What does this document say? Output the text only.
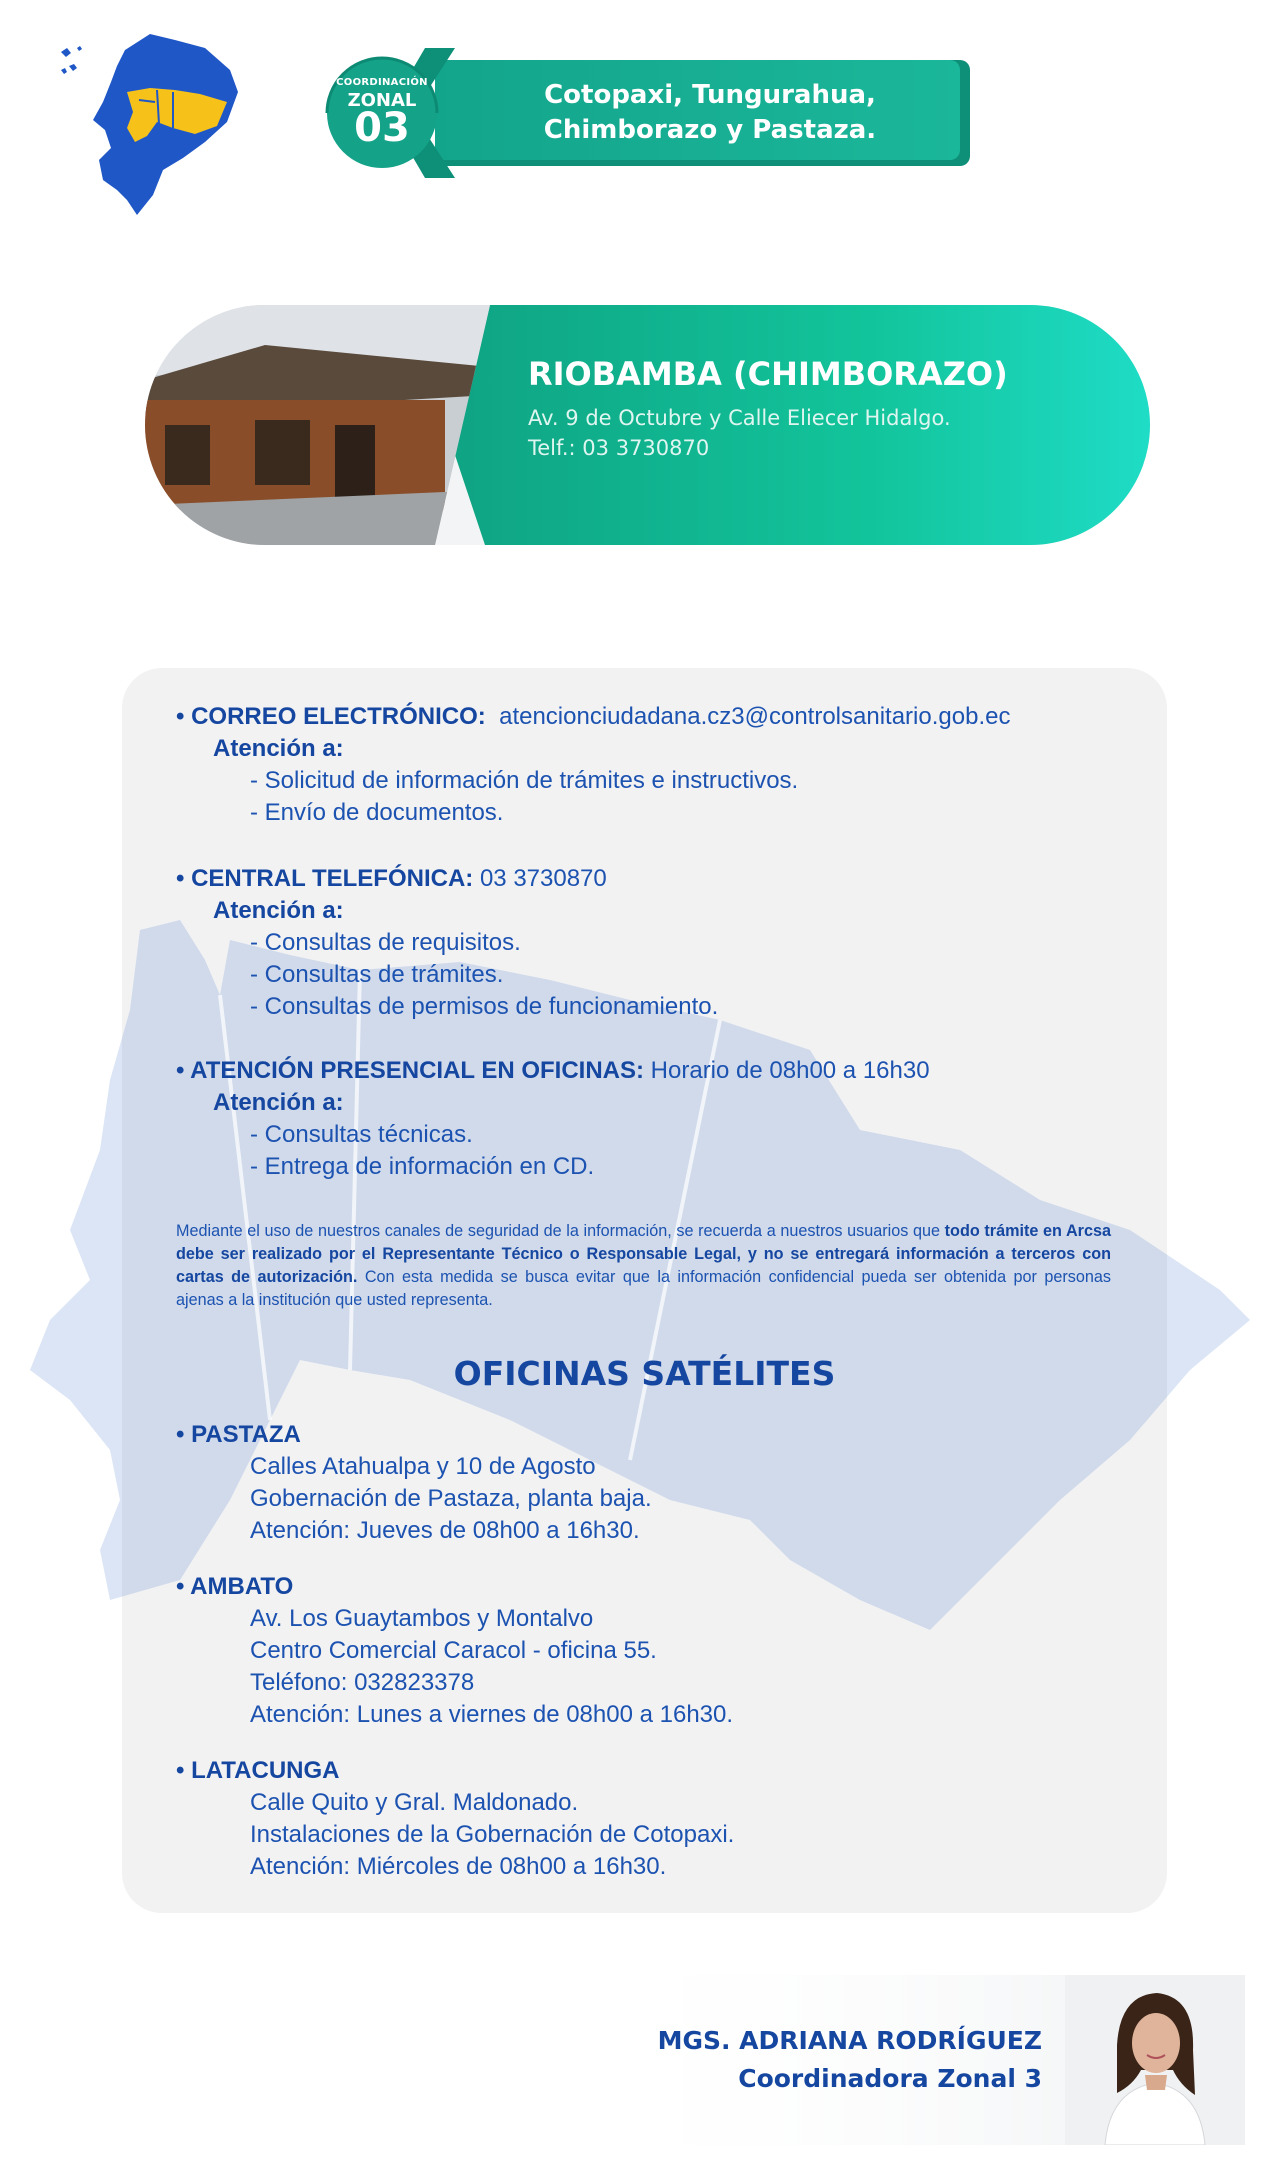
COORDINACIÓN
ZONAL
03
Cotopaxi, Tungurahua,
Chimborazo y Pastaza.
RIOBAMBA (CHIMBORAZO)
Av. 9 de Octubre y Calle Eliecer Hidalgo.
Telf.: 03 3730870
• CORREO ELECTRÓNICO: atencionciudadana.cz3@controlsanitario.gob.ec
Atención a:
- Solicitud de información de trámites e instructivos.
- Envío de documentos.
• CENTRAL TELEFÓNICA: 03 3730870
Atención a:
- Consultas de requisitos.
- Consultas de trámites.
- Consultas de permisos de funcionamiento.
• ATENCIÓN PRESENCIAL EN OFICINAS: Horario de 08h00 a 16h30
Atención a:
- Consultas técnicas.
- Entrega de información en CD.
Mediante el uso de nuestros canales de seguridad de la información, se recuerda a nuestros usuarios que todo trámite en Arcsa debe ser realizado por el Representante Técnico o Responsable Legal, y no se entregará información a terceros con cartas de autorización. Con esta medida se busca evitar que la información confidencial pueda ser obtenida por personas ajenas a la institución que usted representa.
OFICINAS SATÉLITES
• PASTAZA
Calles Atahualpa y 10 de Agosto
Gobernación de Pastaza, planta baja.
Atención: Jueves de 08h00 a 16h30.
• AMBATO
Av. Los Guaytambos y Montalvo
Centro Comercial Caracol - oficina 55.
Teléfono: 032823378
Atención: Lunes a viernes de 08h00 a 16h30.
• LATACUNGA
Calle Quito y Gral. Maldonado.
Instalaciones de la Gobernación de Cotopaxi.
Atención: Miércoles de 08h00 a 16h30.
MGS. ADRIANA RODRÍGUEZ
Coordinadora Zonal 3
